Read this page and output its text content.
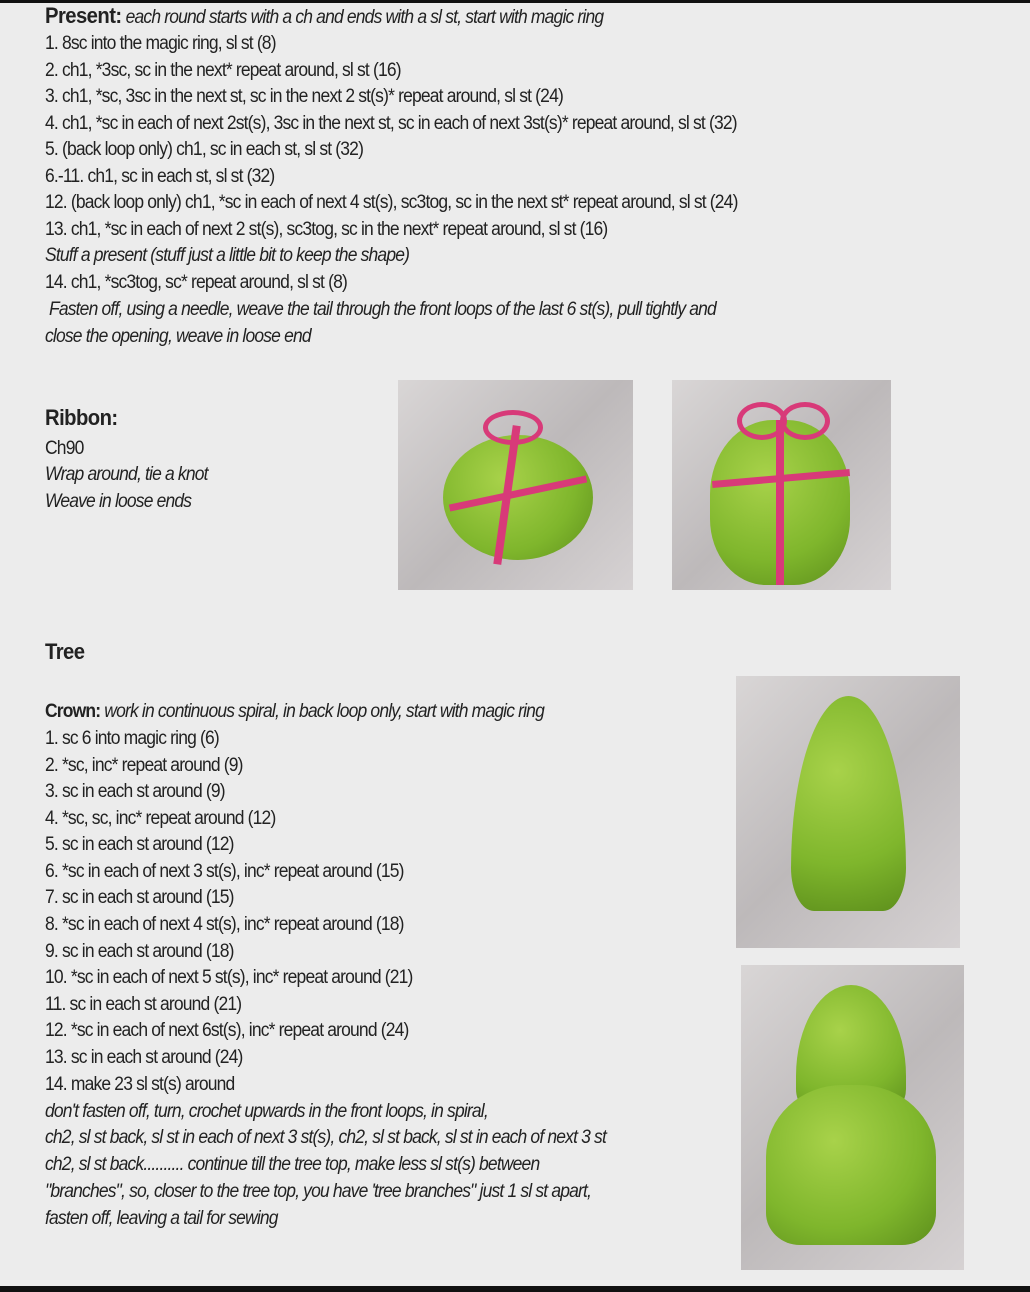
Present: each round starts with a ch and ends with a sl st, start with magic ring
1. 8sc into the magic ring, sl st (8)
2. ch1, *3sc, sc in the next* repeat around, sl st (16)
3. ch1, *sc, 3sc in the next st, sc in the next 2 st(s)* repeat around, sl st (24)
4. ch1, *sc in each of next 2st(s), 3sc in the next st, sc in each of next 3st(s)* repeat around, sl st (32)
5. (back loop only) ch1, sc in each st, sl st (32)
6.-11. ch1, sc in each st, sl st (32)
12. (back loop only) ch1, *sc in each of next 4 st(s), sc3tog, sc in the next st* repeat around, sl st (24)
13. ch1, *sc in each of next 2 st(s), sc3tog, sc in the next* repeat around, sl st (16)
Stuff a present (stuff just a little bit to keep the shape)
14. ch1, *sc3tog, sc* repeat around, sl st (8)
Fasten off, using a needle, weave the tail through the front loops of the last 6 st(s), pull tightly and
close the opening, weave in loose end
Ribbon:
Ch90
Wrap around, tie a knot
Weave in loose ends
Tree
Crown: work in continuous spiral, in back loop only, start with magic ring
1. sc 6 into magic ring (6)
2. *sc, inc* repeat around (9)
3. sc in each st around (9)
4. *sc, sc, inc* repeat around (12)
5. sc in each st around (12)
6. *sc in each of next 3 st(s), inc* repeat around (15)
7. sc in each st around (15)
8. *sc in each of next 4 st(s), inc* repeat around (18)
9. sc in each st around (18)
10. *sc in each of next 5 st(s), inc* repeat around (21)
11. sc in each st around (21)
12. *sc in each of next 6st(s), inc* repeat around (24)
13. sc in each st around (24)
14. make 23 sl st(s) around
don't fasten off, turn, crochet upwards in the front loops, in spiral,
ch2, sl st back, sl st in each of next 3 st(s), ch2, sl st back, sl st in each of next 3 st
ch2, sl st back.......... continue till the tree top, make less sl st(s) between
"branches", so, closer to the tree top, you have 'tree branches" just 1 sl st apart,
fasten off, leaving a tail for sewing
